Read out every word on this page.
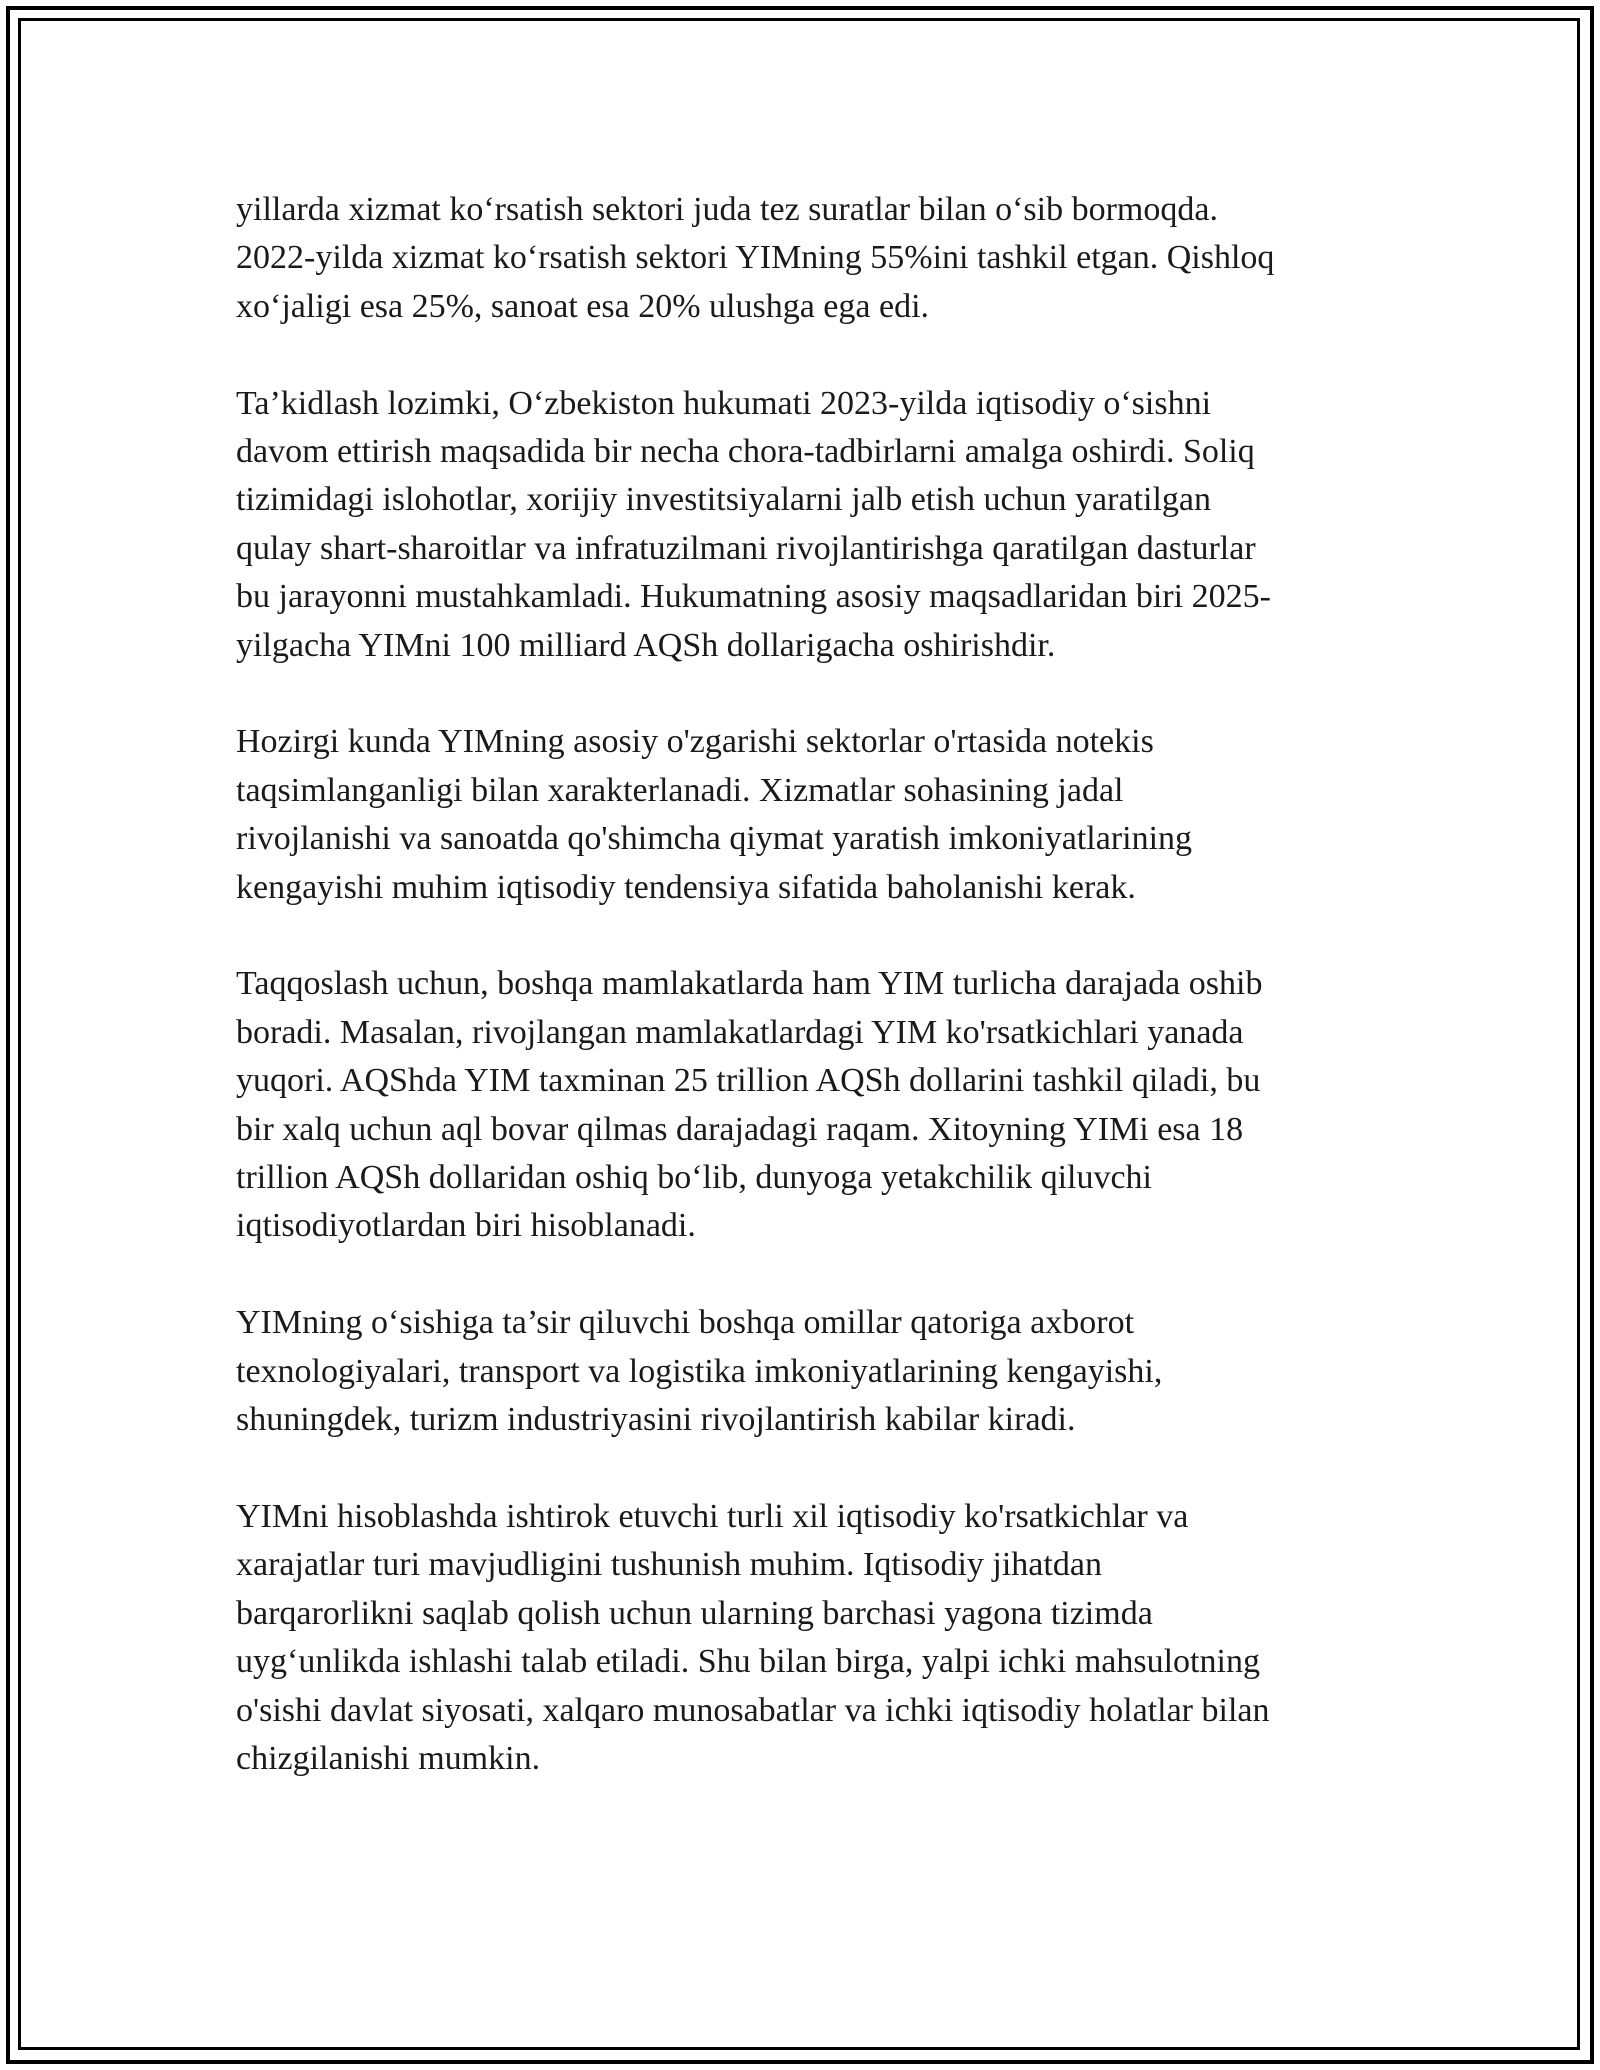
yillarda xizmat ko‘rsatish sektori juda tez suratlar bilan o‘sib bormoqda.
2022-yilda xizmat ko‘rsatish sektori YIMning 55%ini tashkil etgan. Qishloq
xo‘jaligi esa 25%, sanoat esa 20% ulushga ega edi.

Ta’kidlash lozimki, O‘zbekiston hukumati 2023-yilda iqtisodiy o‘sishni
davom ettirish maqsadida bir necha chora-tadbirlarni amalga oshirdi. Soliq
tizimidagi islohotlar, xorijiy investitsiyalarni jalb etish uchun yaratilgan
qulay shart-sharoitlar va infratuzilmani rivojlantirishga qaratilgan dasturlar
bu jarayonni mustahkamladi. Hukumatning asosiy maqsadlaridan biri 2025-
yilgacha YIMni 100 milliard AQSh dollarigacha oshirishdir.

Hozirgi kunda YIMning asosiy o'zgarishi sektorlar o'rtasida notekis
taqsimlanganligi bilan xarakterlanadi. Xizmatlar sohasining jadal
rivojlanishi va sanoatda qo'shimcha qiymat yaratish imkoniyatlarining
kengayishi muhim iqtisodiy tendensiya sifatida baholanishi kerak.

Taqqoslash uchun, boshqa mamlakatlarda ham YIM turlicha darajada oshib
boradi. Masalan, rivojlangan mamlakatlardagi YIM ko'rsatkichlari yanada
yuqori. AQShda YIM taxminan 25 trillion AQSh dollarini tashkil qiladi, bu
bir xalq uchun aql bovar qilmas darajadagi raqam. Xitoyning YIMi esa 18
trillion AQSh dollaridan oshiq bo‘lib, dunyoga yetakchilik qiluvchi
iqtisodiyotlardan biri hisoblanadi.

YIMning o‘sishiga ta’sir qiluvchi boshqa omillar qatoriga axborot
texnologiyalari, transport va logistika imkoniyatlarining kengayishi,
shuningdek, turizm industriyasini rivojlantirish kabilar kiradi.

YIMni hisoblashda ishtirok etuvchi turli xil iqtisodiy ko'rsatkichlar va
xarajatlar turi mavjudligini tushunish muhim. Iqtisodiy jihatdan
barqarorlikni saqlab qolish uchun ularning barchasi yagona tizimda
uyg‘unlikda ishlashi talab etiladi. Shu bilan birga, yalpi ichki mahsulotning
o'sishi davlat siyosati, xalqaro munosabatlar va ichki iqtisodiy holatlar bilan
chizgilanishi mumkin.
